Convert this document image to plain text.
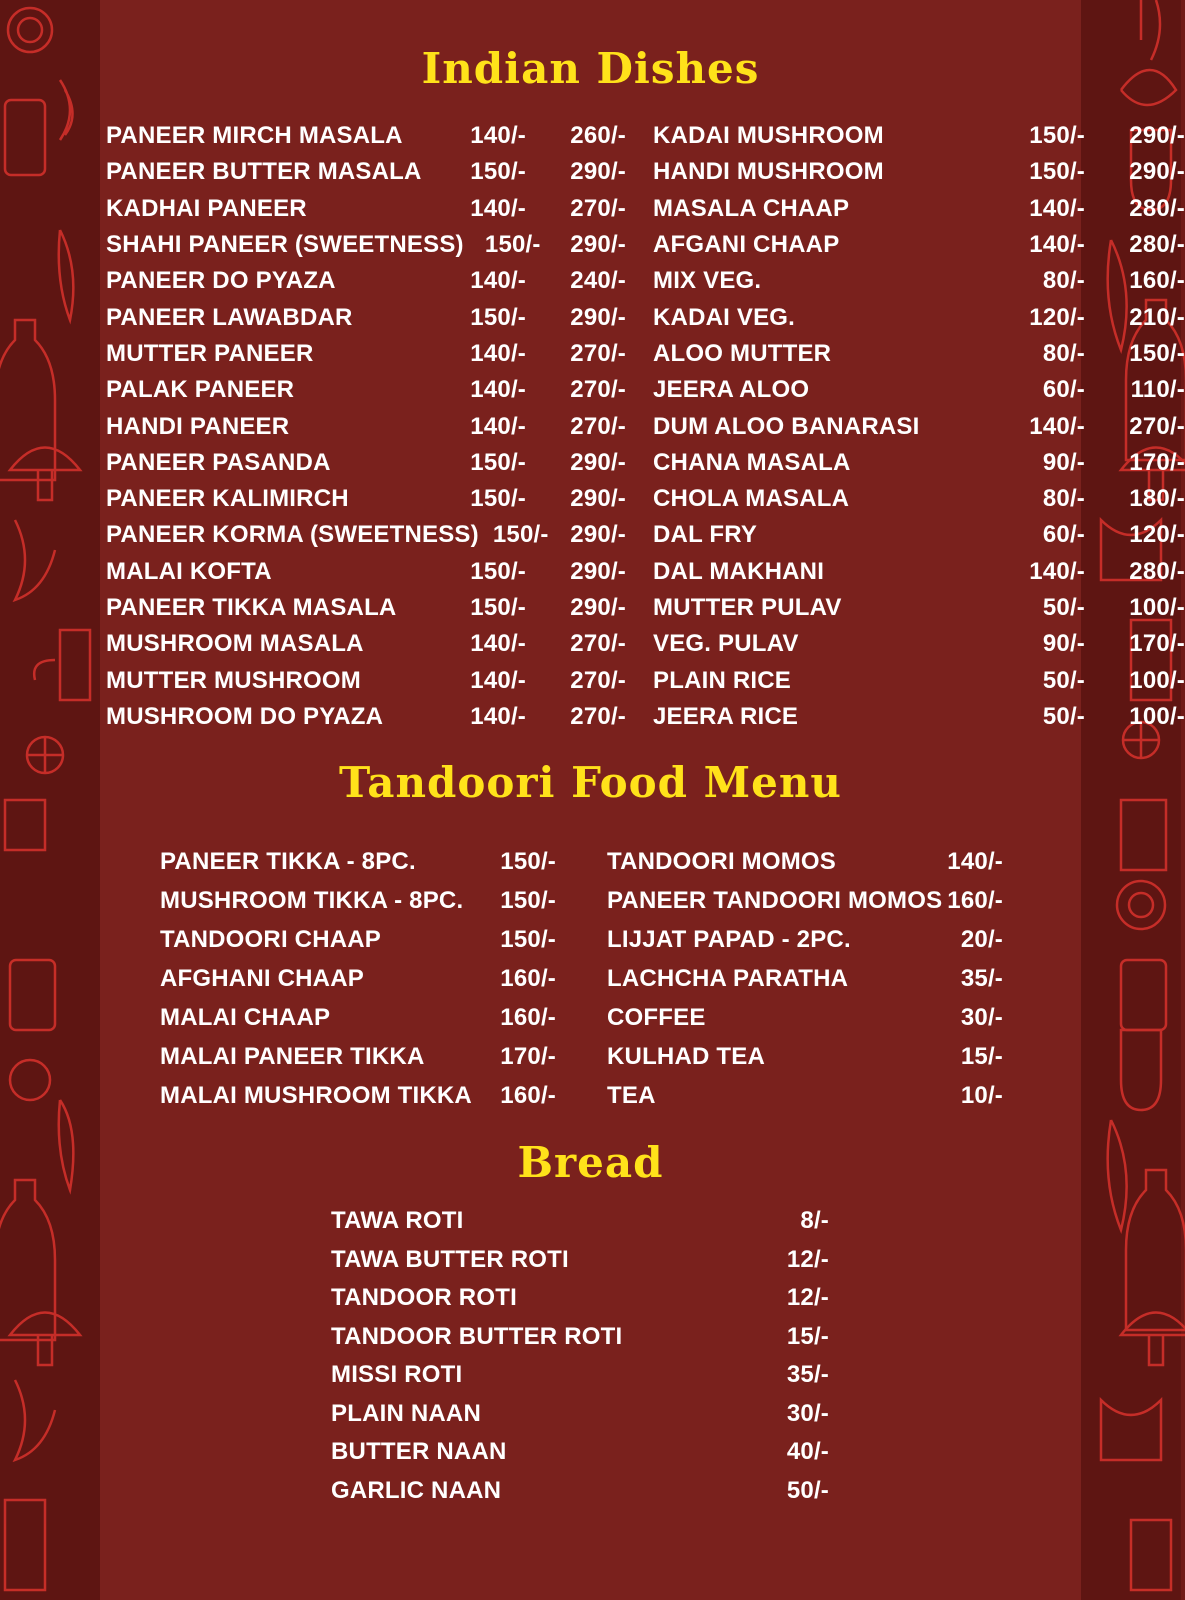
Indian Dishes
PANEER MIRCH MASALA	140/-	260/-
PANEER BUTTER MASALA	150/-	290/-
KADHAI PANEER	140/-	270/-
SHAHI PANEER (SWEETNESS) 150/-	290/-
PANEER DO PYAZA	140/-	240/-
PANEER LAWABDAR	150/-	290/-
MUTTER PANEER	140/-	270/-
PALAK PANEER	140/-	270/-
HANDI PANEER	140/-	270/-
PANEER PASANDA	150/-	290/-
PANEER KALIMIRCH	150/-	290/-
PANEER KORMA (SWEETNESS) 150/- 290/-
MALAI KOFTA	150/-	290/-
PANEER TIKKA MASALA	150/-	290/-
MUSHROOM MASALA	140/-	270/-
MUTTER MUSHROOM	140/-	270/-
MUSHROOM DO PYAZA	140/-	270/-
KADAI MUSHROOM	150/-	290/-
HANDI MUSHROOM	150/-	290/-
MASALA CHAAP	140/-	280/-
AFGANI CHAAP	140/-	280/-
MIX VEG.	80/-	160/-
KADAI VEG.	120/-	210/-
ALOO MUTTER	80/-	150/-
JEERA ALOO	60/-	110/-
DUM ALOO BANARASI	140/-	270/-
CHANA MASALA	90/-	170/-
CHOLA MASALA	80/-	180/-
DAL FRY	60/-	120/-
DAL MAKHANI	140/-	280/-
MUTTER PULAV	50/-	100/-
VEG. PULAV	90/-	170/-
PLAIN RICE	50/-	100/-
JEERA RICE	50/-	100/-
Tandoori Food Menu
PANEER TIKKA - 8PC.	150/-
MUSHROOM TIKKA - 8PC.	150/-
TANDOORI CHAAP	150/-
AFGHANI CHAAP	160/-
MALAI CHAAP	160/-
MALAI PANEER TIKKA	170/-
MALAI MUSHROOM TIKKA	160/-
TANDOORI MOMOS	140/-
PANEER TANDOORI MOMOS 160/-
LIJJAT PAPAD - 2PC.	20/-
LACHCHA PARATHA	35/-
COFFEE	30/-
KULHAD TEA	15/-
TEA	10/-
Bread
TAWA ROTI	8/-
TAWA BUTTER ROTI	12/-
TANDOOR ROTI	12/-
TANDOOR BUTTER ROTI	15/-
MISSI ROTI	35/-
PLAIN NAAN	30/-
BUTTER NAAN	40/-
GARLIC NAAN	50/-
